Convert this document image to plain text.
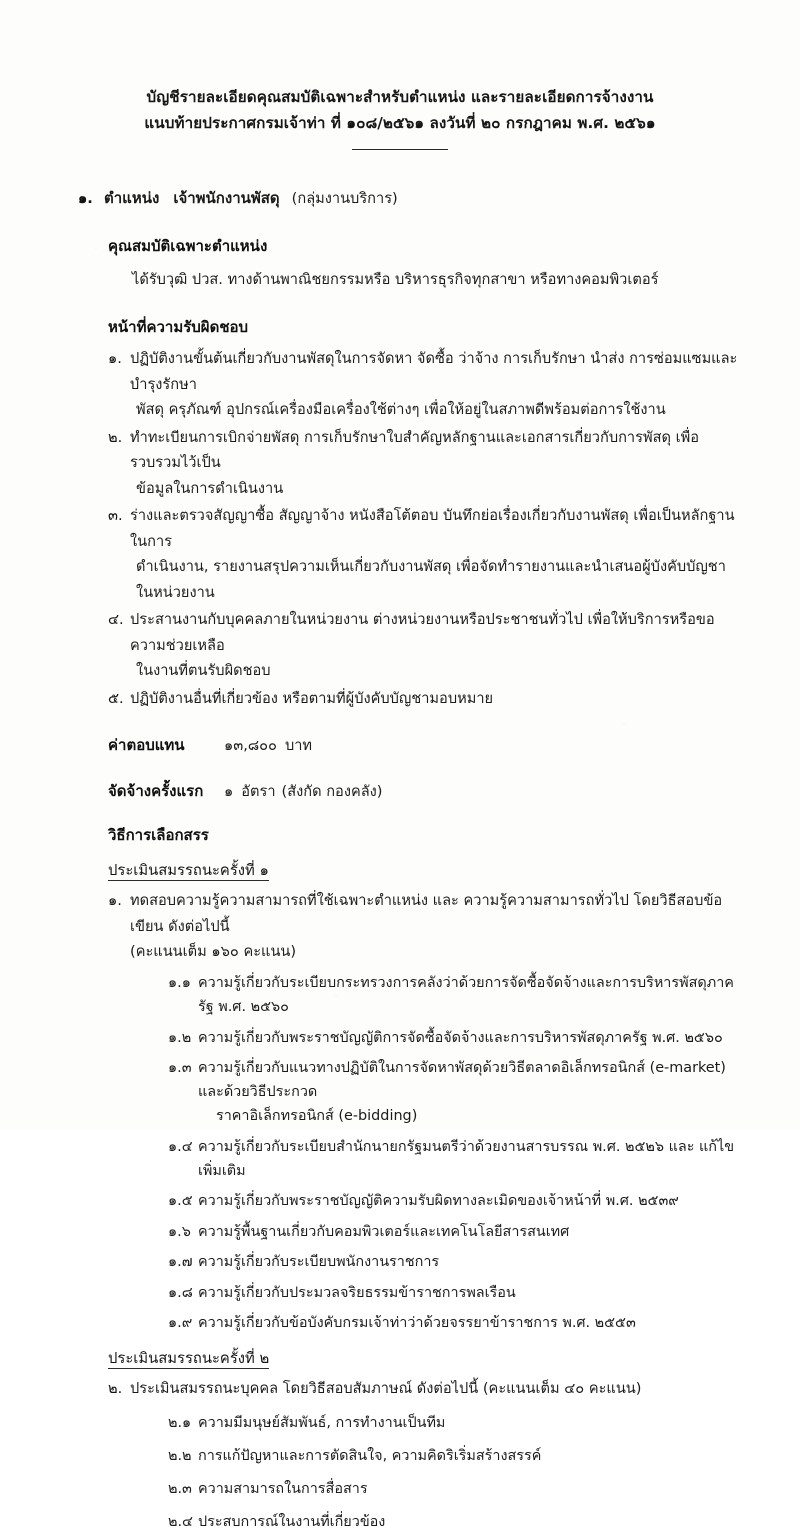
บัญชีรายละเอียดคุณสมบัติเฉพาะสำหรับตำแหน่ง และรายละเอียดการจ้างงาน
แนบท้ายประกาศกรมเจ้าท่า ที่ ๑๐๘/๒๕๖๑ ลงวันที่ ๒๐ กรกฎาคม พ.ศ. ๒๕๖๑
๑. ตำแหน่ง เจ้าพนักงานพัสดุ (กลุ่มงานบริการ)
คุณสมบัติเฉพาะตำแหน่ง
ได้รับวุฒิ ปวส. ทางด้านพาณิชยกรรมหรือ บริหารธุรกิจทุกสาขา หรือทางคอมพิวเตอร์
หน้าที่ความรับผิดชอบ
๑. ปฏิบัติงานขั้นต้นเกี่ยวกับงานพัสดุในการจัดหา จัดซื้อ ว่าจ้าง การเก็บรักษา นำส่ง การซ่อมแซมและบำรุงรักษา
พัสดุ ครุภัณฑ์ อุปกรณ์เครื่องมือเครื่องใช้ต่างๆ เพื่อให้อยู่ในสภาพดีพร้อมต่อการใช้งาน
๒. ทำทะเบียนการเบิกจ่ายพัสดุ การเก็บรักษาใบสำคัญหลักฐานและเอกสารเกี่ยวกับการพัสดุ เพื่อรวบรวมไว้เป็น
ข้อมูลในการดำเนินงาน
๓. ร่างและตรวจสัญญาซื้อ สัญญาจ้าง หนังสือโต้ตอบ บันทึกย่อเรื่องเกี่ยวกับงานพัสดุ เพื่อเป็นหลักฐานในการ
ดำเนินงาน, รายงานสรุปความเห็นเกี่ยวกับงานพัสดุ เพื่อจัดทำรายงานและนำเสนอผู้บังคับบัญชาในหน่วยงาน
๔. ประสานงานกับบุคคลภายในหน่วยงาน ต่างหน่วยงานหรือประชาชนทั่วไป เพื่อให้บริการหรือขอความช่วยเหลือ
ในงานที่ตนรับผิดชอบ
๕. ปฏิบัติงานอื่นที่เกี่ยวข้อง หรือตามที่ผู้บังคับบัญชามอบหมาย
ค่าตอบแทน	๑๓,๘๐๐ บาท
จัดจ้างครั้งแรก	๑ อัตรา (สังกัด กองคลัง)
วิธีการเลือกสรร
ประเมินสมรรถนะครั้งที่ ๑
๑. ทดสอบความรู้ความสามารถที่ใช้เฉพาะตำแหน่ง และ ความรู้ความสามารถทั่วไป โดยวิธีสอบข้อเขียน ดังต่อไปนี้
(คะแนนเต็ม ๑๖๐ คะแนน)
๑.๑ ความรู้เกี่ยวกับระเบียบกระทรวงการคลังว่าด้วยการจัดซื้อจัดจ้างและการบริหารพัสดุภาครัฐ พ.ศ. ๒๕๖๐
๑.๒ ความรู้เกี่ยวกับพระราชบัญญัติการจัดซื้อจัดจ้างและการบริหารพัสดุภาครัฐ พ.ศ. ๒๕๖๐
๑.๓ ความรู้เกี่ยวกับแนวทางปฏิบัติในการจัดหาพัสดุด้วยวิธีตลาดอิเล็กทรอนิกส์ (e-market) และด้วยวิธีประกวด
ราคาอิเล็กทรอนิกส์ (e-bidding)
๑.๔ ความรู้เกี่ยวกับระเบียบสำนักนายกรัฐมนตรีว่าด้วยงานสารบรรณ พ.ศ. ๒๕๒๖ และ แก้ไขเพิ่มเติม
๑.๕ ความรู้เกี่ยวกับพระราชบัญญัติความรับผิดทางละเมิดของเจ้าหน้าที่ พ.ศ. ๒๕๓๙
๑.๖ ความรู้พื้นฐานเกี่ยวกับคอมพิวเตอร์และเทคโนโลยีสารสนเทศ
๑.๗ ความรู้เกี่ยวกับระเบียบพนักงานราชการ
๑.๘ ความรู้เกี่ยวกับประมวลจริยธรรมข้าราชการพลเรือน
๑.๙ ความรู้เกี่ยวกับข้อบังคับกรมเจ้าท่าว่าด้วยจรรยาข้าราชการ พ.ศ. ๒๕๕๓
ประเมินสมรรถนะครั้งที่ ๒
๒. ประเมินสมรรถนะบุคคล โดยวิธีสอบสัมภาษณ์ ดังต่อไปนี้ (คะแนนเต็ม ๔๐ คะแนน)
๒.๑ ความมีมนุษย์สัมพันธ์, การทำงานเป็นทีม
๒.๒ การแก้ปัญหาและการตัดสินใจ, ความคิดริเริ่มสร้างสรรค์
๒.๓ ความสามารถในการสื่อสาร
๒.๔ ประสบการณ์ในงานที่เกี่ยวข้อง
